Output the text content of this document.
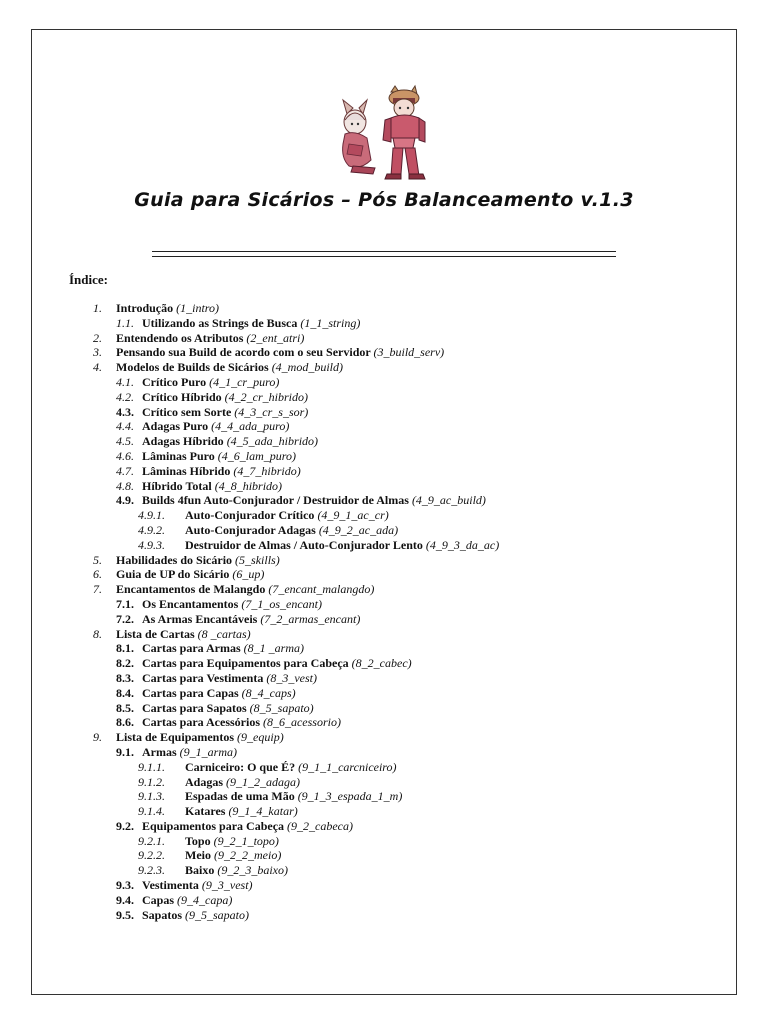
Guia para Sicários – Pós Balanceamento v.1.3
Índice:
1. Introdução (1_intro)
1.1. Utilizando as Strings de Busca (1_1_string)
2. Entendendo os Atributos (2_ent_atri)
3. Pensando sua Build de acordo com o seu Servidor (3_build_serv)
4. Modelos de Builds de Sicários (4_mod_build)
4.1. Crítico Puro (4_1_cr_puro)
4.2. Crítico Híbrido (4_2_cr_hibrido)
4.3. Crítico sem Sorte (4_3_cr_s_sor)
4.4. Adagas Puro (4_4_ada_puro)
4.5. Adagas Híbrido (4_5_ada_hibrido)
4.6. Lâminas Puro (4_6_lam_puro)
4.7. Lâminas Híbrido (4_7_hibrido)
4.8. Híbrido Total (4_8_hibrido)
4.9. Builds 4fun Auto-Conjurador / Destruidor de Almas (4_9_ac_build)
4.9.1. Auto-Conjurador Crítico (4_9_1_ac_cr)
4.9.2. Auto-Conjurador Adagas (4_9_2_ac_ada)
4.9.3. Destruidor de Almas / Auto-Conjurador Lento (4_9_3_da_ac)
5. Habilidades do Sicário (5_skills)
6. Guia de UP do Sicário (6_up)
7. Encantamentos de Malangdo (7_encant_malangdo)
7.1. Os Encantamentos (7_1_os_encant)
7.2. As Armas Encantáveis (7_2_armas_encant)
8. Lista de Cartas (8 _cartas)
8.1. Cartas para Armas (8_1 _arma)
8.2. Cartas para Equipamentos para Cabeça (8_2_cabec)
8.3. Cartas para Vestimenta (8_3_vest)
8.4. Cartas para Capas (8_4_caps)
8.5. Cartas para Sapatos (8_5_sapato)
8.6. Cartas para Acessórios (8_6_acessorio)
9. Lista de Equipamentos (9_equip)
9.1. Armas (9_1_arma)
9.1.1. Carniceiro: O que É? (9_1_1_carcniceiro)
9.1.2. Adagas (9_1_2_adaga)
9.1.3. Espadas de uma Mão (9_1_3_espada_1_m)
9.1.4. Katares (9_1_4_katar)
9.2. Equipamentos para Cabeça (9_2_cabeca)
9.2.1. Topo (9_2_1_topo)
9.2.2. Meio (9_2_2_meio)
9.2.3. Baixo (9_2_3_baixo)
9.3. Vestimenta (9_3_vest)
9.4. Capas (9_4_capa)
9.5. Sapatos (9_5_sapato)
